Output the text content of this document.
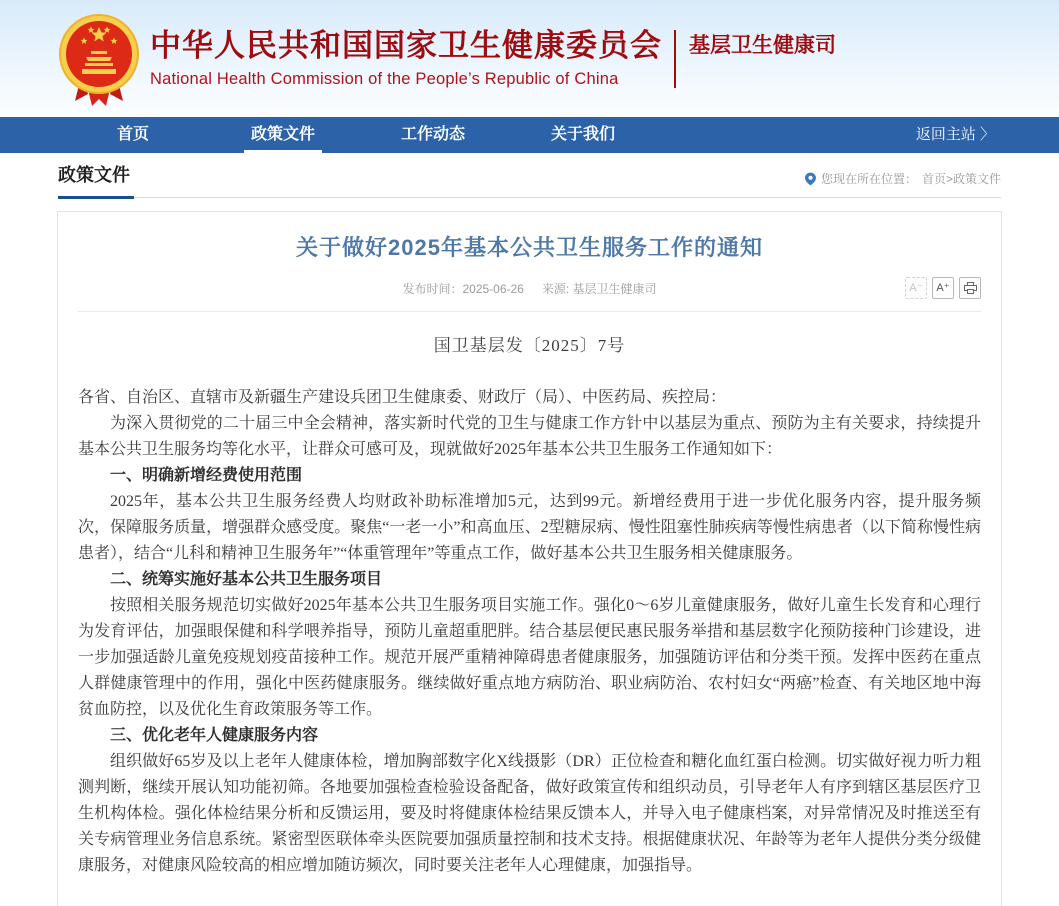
中华人民共和国国家卫生健康委员会
National Health Commission of the People’s Republic of China
基层卫生健康司
首页	政策文件	工作动态	关于我们	返回主站 〉
政策文件	您现在所在位置： 首页>政策文件
关于做好2025年基本公共卫生服务工作的通知
发布时间：2025-06-26 来源: 基层卫生健康司	A⁻	A⁺
国卫基层发〔2025〕7号

各省、自治区、直辖市及新疆生产建设兵团卫生健康委、财政厅（局）、中医药局、疾控局：

为深入贯彻党的二十届三中全会精神，落实新时代党的卫生与健康工作方针中以基层为重点、预防为主有关要求，持续提升基本公共卫生服务均等化水平，让群众可感可及，现就做好2025年基本公共卫生服务工作通知如下：

一、明确新增经费使用范围

2025年，基本公共卫生服务经费人均财政补助标准增加5元，达到99元。新增经费用于进一步优化服务内容，提升服务频次，保障服务质量，增强群众感受度。聚焦“一老一小”和高血压、2型糖尿病、慢性阻塞性肺疾病等慢性病患者（以下简称慢性病患者），结合“儿科和精神卫生服务年”“体重管理年”等重点工作，做好基本公共卫生服务相关健康服务。

二、统筹实施好基本公共卫生服务项目

按照相关服务规范切实做好2025年基本公共卫生服务项目实施工作。强化0～6岁儿童健康服务，做好儿童生长发育和心理行为发育评估，加强眼保健和科学喂养指导，预防儿童超重肥胖。结合基层便民惠民服务举措和基层数字化预防接种门诊建设，进一步加强适龄儿童免疫规划疫苗接种工作。规范开展严重精神障碍患者健康服务，加强随访评估和分类干预。发挥中医药在重点人群健康管理中的作用，强化中医药健康服务。继续做好重点地方病防治、职业病防治、农村妇女“两癌”检查、有关地区地中海贫血防控，以及优化生育政策服务等工作。

三、优化老年人健康服务内容

组织做好65岁及以上老年人健康体检，增加胸部数字化X线摄影（DR）正位检查和糖化血红蛋白检测。切实做好视力听力粗测判断，继续开展认知功能初筛。各地要加强检查检验设备配备，做好政策宣传和组织动员，引导老年人有序到辖区基层医疗卫生机构体检。强化体检结果分析和反馈运用，要及时将健康体检结果反馈本人，并导入电子健康档案，对异常情况及时推送至有关专病管理业务信息系统。紧密型医联体牵头医院要加强质量控制和技术支持。根据健康状况、年龄等为老年人提供分类分级健康服务，对健康风险较高的相应增加随访频次，同时要关注老年人心理健康，加强指导。
